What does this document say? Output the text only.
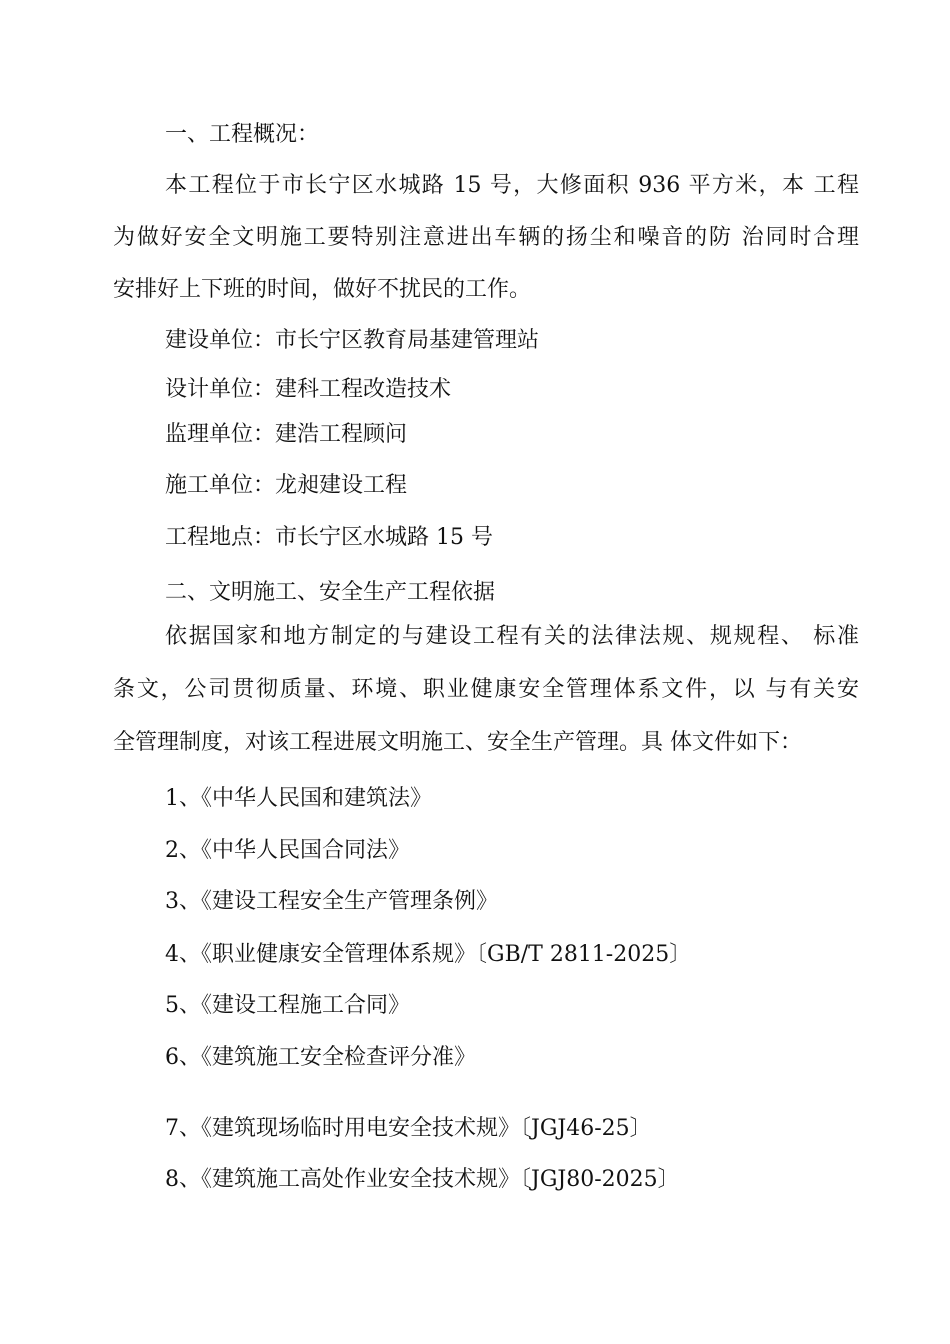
一、工程概况：
本工程位于市长宁区水城路 15 号，大修面积 936 平方米，本 工程
为做好安全文明施工要特别注意进出车辆的扬尘和噪音的防 治同时合理
安排好上下班的时间，做好不扰民的工作。
建设单位：市长宁区教育局基建管理站
设计单位：建科工程改造技术
监理单位：建浩工程顾问
施工单位：龙昶建设工程
工程地点：市长宁区水城路 15 号
二、文明施工、安全生产工程依据
依据国家和地方制定的与建设工程有关的法律法规、规规程、 标准
条文，公司贯彻质量、环境、职业健康安全管理体系文件，以 与有关安
全管理制度，对该工程进展文明施工、安全生产管理。具 体文件如下：
1、《中华人民国和建筑法》
2、《中华人民国合同法》
3、《建设工程安全生产管理条例》
4、《职业健康安全管理体系规》〔GB/T 2811-2025〕
5、《建设工程施工合同》
6、《建筑施工安全检查评分准》
7、《建筑现场临时用电安全技术规》〔JGJ46-25〕
8、《建筑施工高处作业安全技术规》〔JGJ80-2025〕
